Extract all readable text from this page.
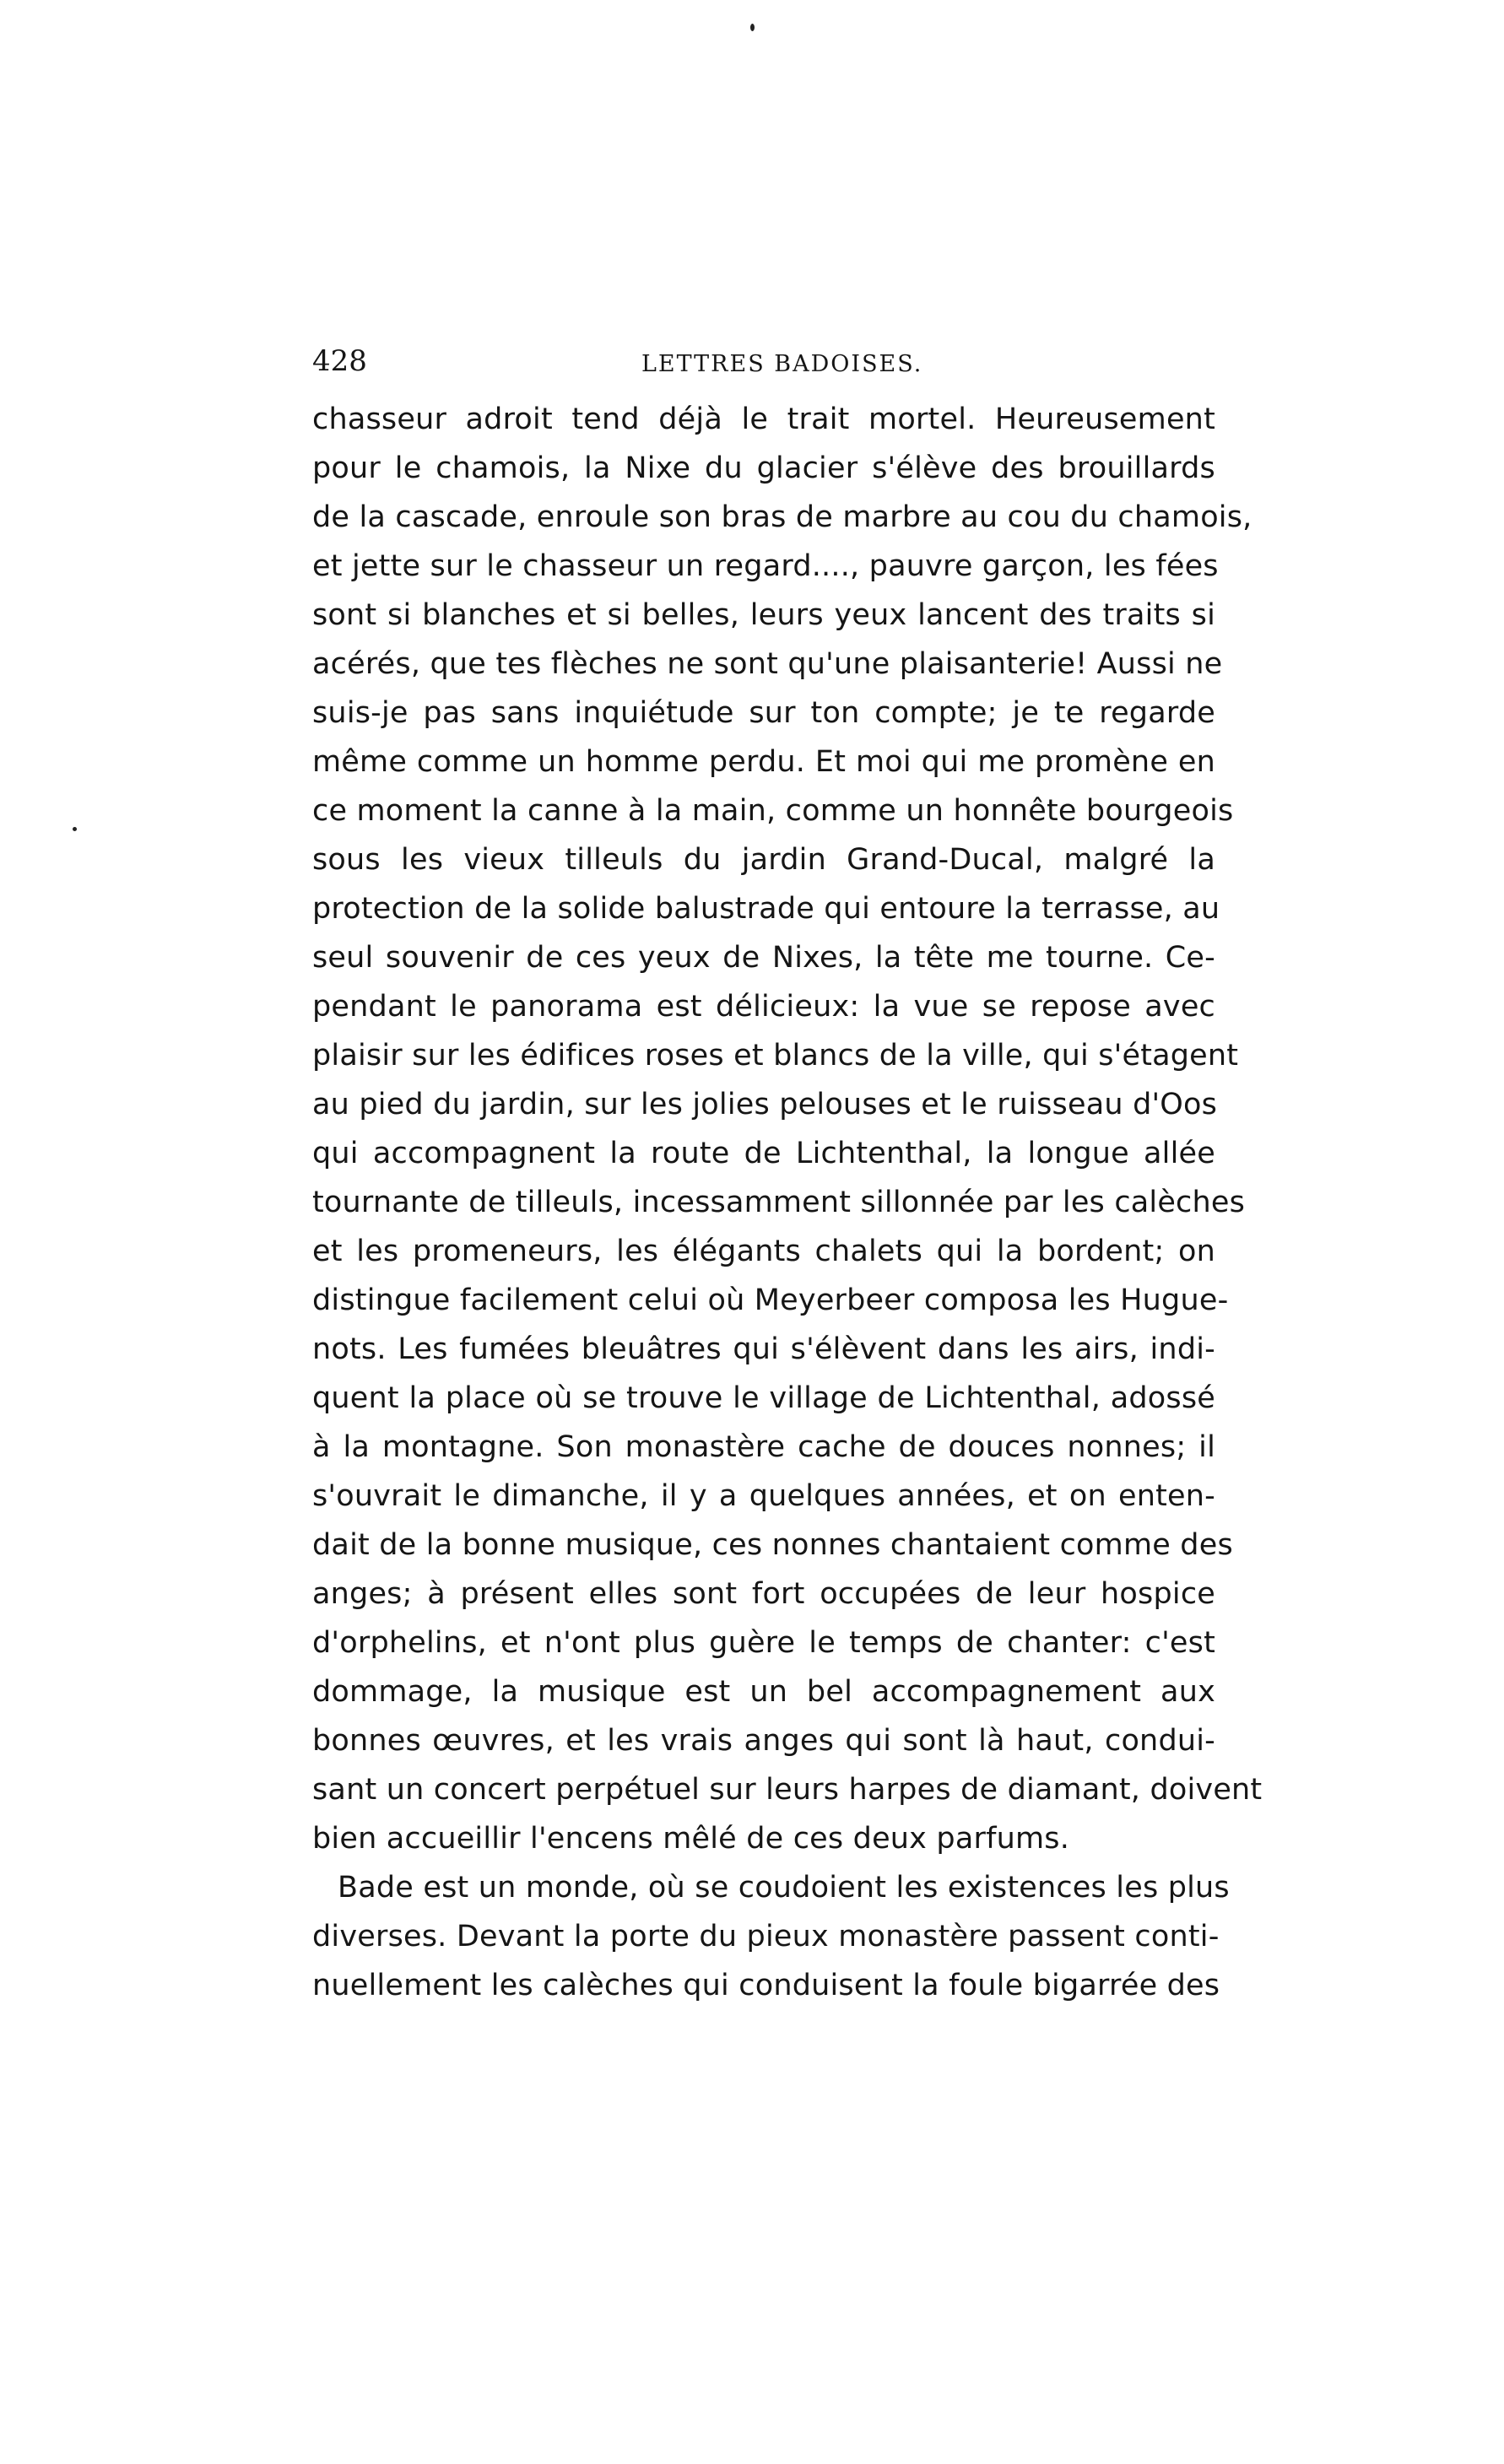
428	LETTRES BADOISES.
chasseur adroit tend déjà le trait mortel. Heureusement
pour le chamois, la Nixe du glacier s'élève des brouillards
de la cascade, enroule son bras de marbre au cou du chamois,
et jette sur le chasseur un regard...., pauvre garçon, les fées
sont si blanches et si belles, leurs yeux lancent des traits si
acérés, que tes flèches ne sont qu'une plaisanterie! Aussi ne
suis-je pas sans inquiétude sur ton compte; je te regarde
même comme un homme perdu. Et moi qui me promène en
ce moment la canne à la main, comme un honnête bourgeois
sous les vieux tilleuls du jardin Grand-Ducal, malgré la
protection de la solide balustrade qui entoure la terrasse, au
seul souvenir de ces yeux de Nixes, la tête me tourne. Ce-
pendant le panorama est délicieux: la vue se repose avec
plaisir sur les édifices roses et blancs de la ville, qui s'étagent
au pied du jardin, sur les jolies pelouses et le ruisseau d'Oos
qui accompagnent la route de Lichtenthal, la longue allée
tournante de tilleuls, incessamment sillonnée par les calèches
et les promeneurs, les élégants chalets qui la bordent; on
distingue facilement celui où Meyerbeer composa les Hugue-
nots. Les fumées bleuâtres qui s'élèvent dans les airs, indi-
quent la place où se trouve le village de Lichtenthal, adossé
à la montagne. Son monastère cache de douces nonnes; il
s'ouvrait le dimanche, il y a quelques années, et on enten-
dait de la bonne musique, ces nonnes chantaient comme des
anges; à présent elles sont fort occupées de leur hospice
d'orphelins, et n'ont plus guère le temps de chanter: c'est
dommage, la musique est un bel accompagnement aux
bonnes œuvres, et les vrais anges qui sont là haut, condui-
sant un concert perpétuel sur leurs harpes de diamant, doivent
bien accueillir l'encens mêlé de ces deux parfums.
Bade est un monde, où se coudoient les existences les plus
diverses. Devant la porte du pieux monastère passent conti-
nuellement les calèches qui conduisent la foule bigarrée des
